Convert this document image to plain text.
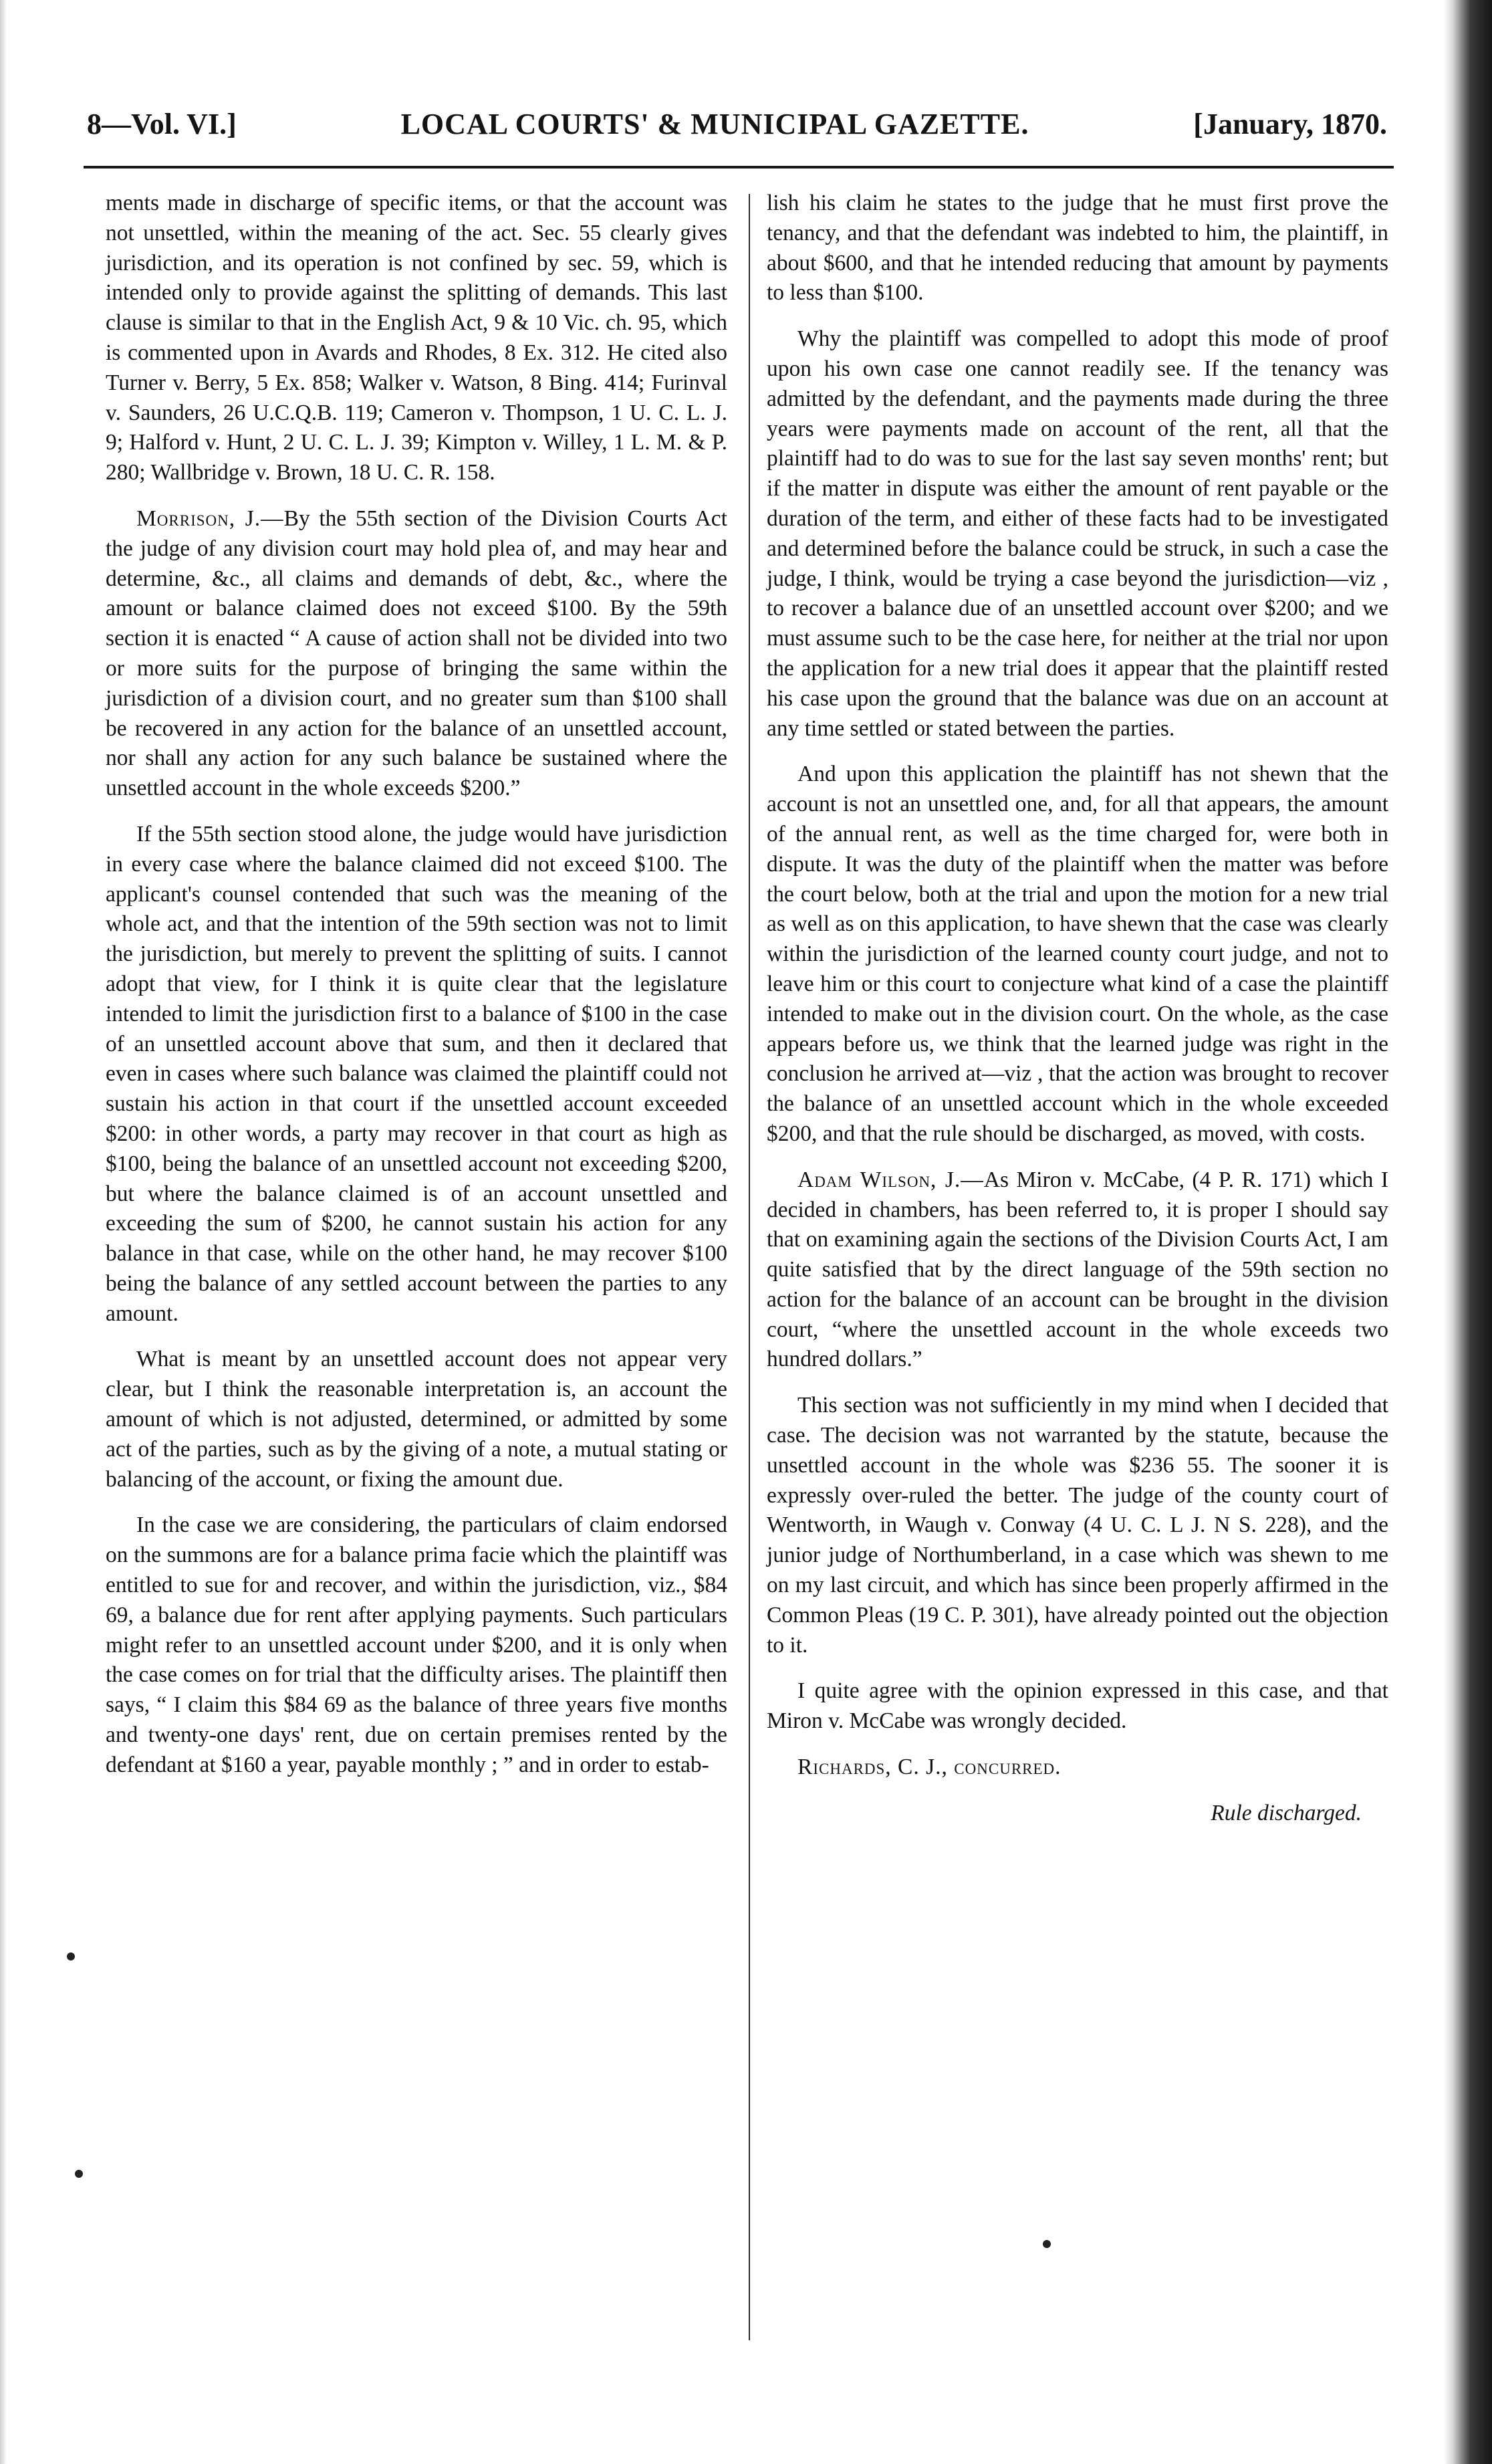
8—Vol. VI.]	LOCAL COURTS' & MUNICIPAL GAZETTE.	[January, 1870.

ments made in discharge of specific items, or that the account was not unsettled, within the meaning of the act. Sec. 55 clearly gives jurisdiction, and its operation is not confined by sec. 59, which is intended only to provide against the splitting of demands. This last clause is similar to that in the English Act, 9 & 10 Vic. ch. 95, which is commented upon in Avards and Rhodes, 8 Ex. 312. He cited also Turner v. Berry, 5 Ex. 858; Walker v. Watson, 8 Bing. 414; Furinval v. Saunders, 26 U.C.Q.B. 119; Cameron v. Thompson, 1 U. C. L. J. 9; Halford v. Hunt, 2 U. C. L. J. 39; Kimpton v. Willey, 1 L. M. & P. 280; Wallbridge v. Brown, 18 U. C. R. 158.

Morrison, J.—By the 55th section of the Division Courts Act the judge of any division court may hold plea of, and may hear and determine, &c., all claims and demands of debt, &c., where the amount or balance claimed does not exceed $100. By the 59th section it is enacted “ A cause of action shall not be divided into two or more suits for the purpose of bringing the same within the jurisdiction of a division court, and no greater sum than $100 shall be recovered in any action for the balance of an unsettled account, nor shall any action for any such balance be sustained where the unsettled account in the whole exceeds $200.”

If the 55th section stood alone, the judge would have jurisdiction in every case where the balance claimed did not exceed $100. The applicant's counsel contended that such was the meaning of the whole act, and that the intention of the 59th section was not to limit the jurisdiction, but merely to prevent the splitting of suits. I cannot adopt that view, for I think it is quite clear that the legislature intended to limit the jurisdiction first to a balance of $100 in the case of an unsettled account above that sum, and then it declared that even in cases where such balance was claimed the plaintiff could not sustain his action in that court if the unsettled account exceeded $200: in other words, a party may recover in that court as high as $100, being the balance of an unsettled account not exceeding $200, but where the balance claimed is of an account unsettled and exceeding the sum of $200, he cannot sustain his action for any balance in that case, while on the other hand, he may recover $100 being the balance of any settled account between the parties to any amount.

What is meant by an unsettled account does not appear very clear, but I think the reasonable interpretation is, an account the amount of which is not adjusted, determined, or admitted by some act of the parties, such as by the giving of a note, a mutual stating or balancing of the account, or fixing the amount due.

In the case we are considering, the particulars of claim endorsed on the summons are for a balance prima facie which the plaintiff was entitled to sue for and recover, and within the jurisdiction, viz., $84 69, a balance due for rent after applying payments. Such particulars might refer to an unsettled account under $200, and it is only when the case comes on for trial that the difficulty arises. The plaintiff then says, “ I claim this $84 69 as the balance of three years five months and twenty-one days' rent, due on certain premises rented by the defendant at $160 a year, payable monthly ; ” and in order to estab-

lish his claim he states to the judge that he must first prove the tenancy, and that the defendant was indebted to him, the plaintiff, in about $600, and that he intended reducing that amount by payments to less than $100.

Why the plaintiff was compelled to adopt this mode of proof upon his own case one cannot readily see. If the tenancy was admitted by the defendant, and the payments made during the three years were payments made on account of the rent, all that the plaintiff had to do was to sue for the last say seven months' rent; but if the matter in dispute was either the amount of rent payable or the duration of the term, and either of these facts had to be investigated and determined before the balance could be struck, in such a case the judge, I think, would be trying a case beyond the jurisdiction—viz , to recover a balance due of an unsettled account over $200; and we must assume such to be the case here, for neither at the trial nor upon the application for a new trial does it appear that the plaintiff rested his case upon the ground that the balance was due on an account at any time settled or stated between the parties.

And upon this application the plaintiff has not shewn that the account is not an unsettled one, and, for all that appears, the amount of the annual rent, as well as the time charged for, were both in dispute. It was the duty of the plaintiff when the matter was before the court below, both at the trial and upon the motion for a new trial as well as on this application, to have shewn that the case was clearly within the jurisdiction of the learned county court judge, and not to leave him or this court to conjecture what kind of a case the plaintiff intended to make out in the division court. On the whole, as the case appears before us, we think that the learned judge was right in the conclusion he arrived at—viz , that the action was brought to recover the balance of an unsettled account which in the whole exceeded $200, and that the rule should be discharged, as moved, with costs.

Adam Wilson, J.—As Miron v. McCabe, (4 P. R. 171) which I decided in chambers, has been referred to, it is proper I should say that on examining again the sections of the Division Courts Act, I am quite satisfied that by the direct language of the 59th section no action for the balance of an account can be brought in the division court, “where the unsettled account in the whole exceeds two hundred dollars.”

This section was not sufficiently in my mind when I decided that case. The decision was not warranted by the statute, because the unsettled account in the whole was $236 55. The sooner it is expressly over-ruled the better. The judge of the county court of Wentworth, in Waugh v. Conway (4 U. C. L J. N S. 228), and the junior judge of Northumberland, in a case which was shewn to me on my last circuit, and which has since been properly affirmed in the Common Pleas (19 C. P. 301), have already pointed out the objection to it.

I quite agree with the opinion expressed in this case, and that Miron v. McCabe was wrongly decided.

Richards, C. J., concurred.

Rule discharged.
